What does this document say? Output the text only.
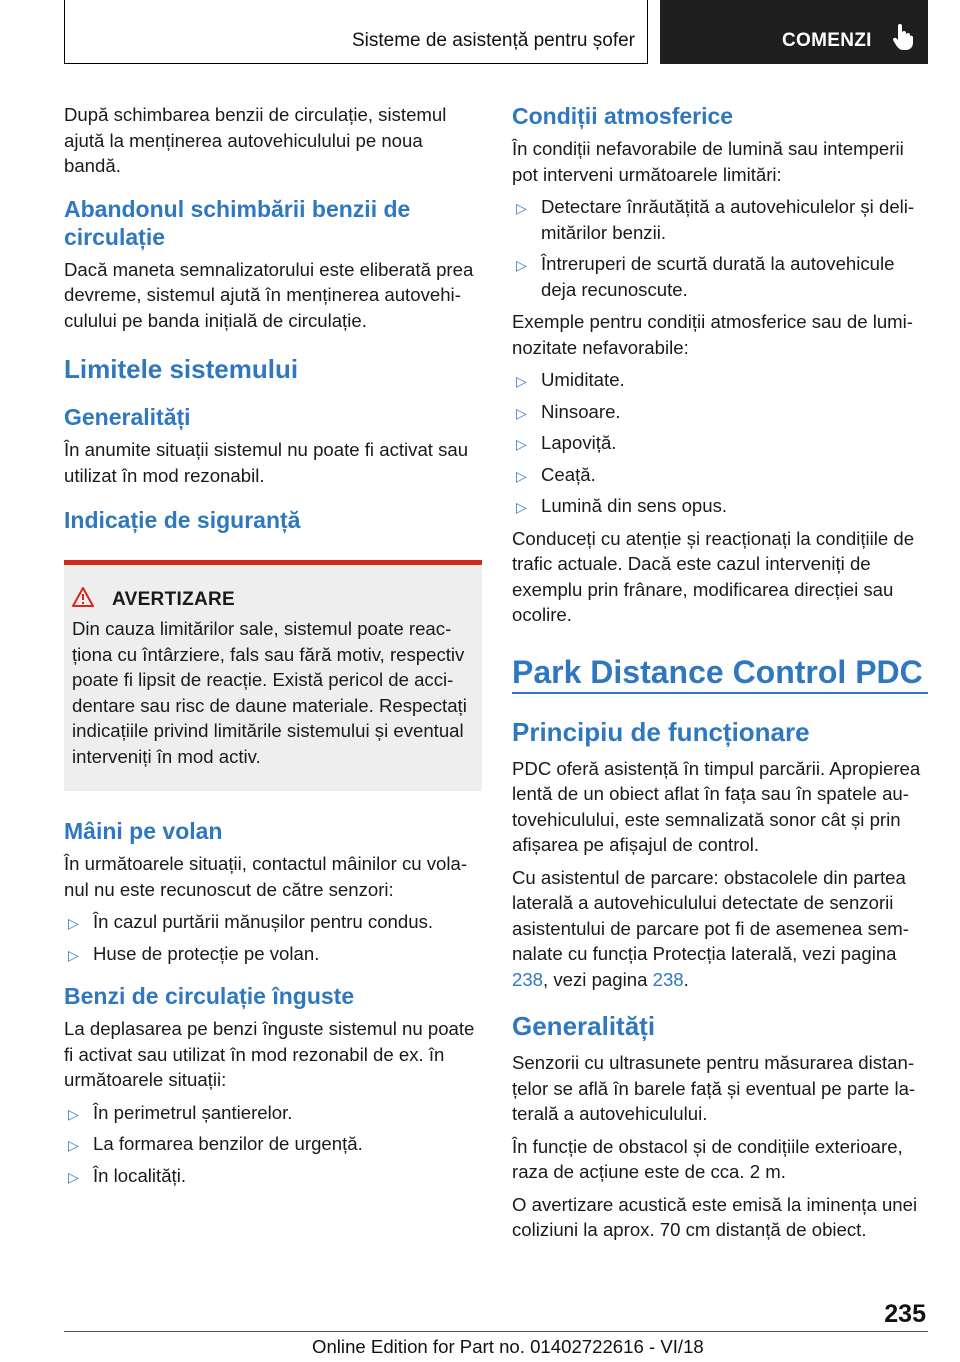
Sisteme de asistență pentru șofer	COMENZI

După schimbarea benzii de circulație, sistemul ajută la menținerea autovehiculului pe noua bandă.

Abandonul schimbării benzii de circulație

Dacă maneta semnalizatorului este eliberată prea devreme, sistemul ajută în menținerea autovehiculului pe banda inițială de circulație.

Limitele sistemului
Generalități

În anumite situații sistemul nu poate fi activat sau utilizat în mod rezonabil.

Indicație de siguranță
AVERTIZARE
Din cauza limitărilor sale, sistemul poate reacționa cu întârziere, fals sau fără motiv, respectiv poate fi lipsit de reacție. Există pericol de accidentare sau risc de daune materiale. Respectați indicațiile privind limitările sistemului și eventual interveniți în mod activ.
Mâini pe volan

În următoarele situații, contactul mâinilor cu volanul nu este recunoscut de către senzori:

▷ În cazul purtării mănușilor pentru condus.
▷ Huse de protecție pe volan.
Benzi de circulație înguste

La deplasarea pe benzi înguste sistemul nu poate fi activat sau utilizat în mod rezonabil de ex. în următoarele situații:

▷ În perimetrul șantierelor.
▷ La formarea benzilor de urgență.
▷ În localități.
Condiții atmosferice

În condiții nefavorabile de lumină sau intemperii pot interveni următoarele limitări:

▷ Detectare înrăutățită a autovehiculelor și delimitărilor benzii.
▷ Întreruperi de scurtă durată la autovehicule deja recunoscute.

Exemple pentru condiții atmosferice sau de luminozitate nefavorabile:

▷ Umiditate.
▷ Ninsoare.
▷ Lapoviță.
▷ Ceață.
▷ Lumină din sens opus.

Conduceți cu atenție și reacționați la condițiile de trafic actuale. Dacă este cazul interveniți de exemplu prin frânare, modificarea direcției sau ocolire.

Park Distance Control PDC
Principiu de funcționare

PDC oferă asistență în timpul parcării. Apropierea lentă de un obiect aflat în fața sau în spatele autovehiculului, este semnalizată sonor cât și prin afișarea pe afișajul de control.

Cu asistentul de parcare: obstacolele din partea laterală a autovehiculului detectate de senzorii asistentului de parcare pot fi de asemenea semnalate cu funcția Protecția laterală, vezi pagina 238, vezi pagina 238.

Generalități

Senzorii cu ultrasunete pentru măsurarea distanțelor se află în barele față și eventual pe parte laterală a autovehiculului.

În funcție de obstacol și de condițiile exterioare, raza de acțiune este de cca. 2 m.

O avertizare acustică este emisă la iminența unei coliziuni la aprox. 70 cm distanță de obiect.

235
Online Edition for Part no. 01402722616 - VI/18
